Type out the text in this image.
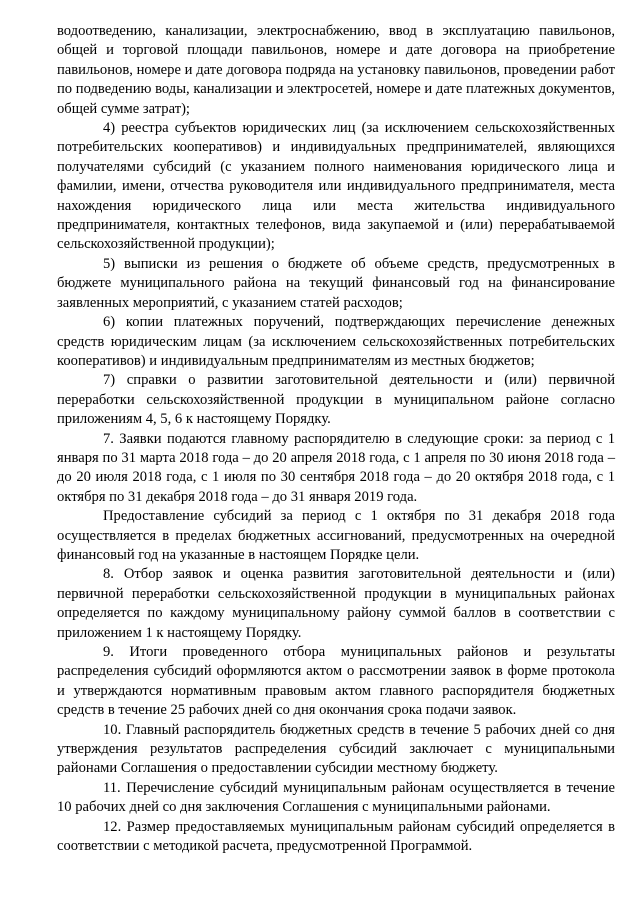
водоотведению, канализации, электроснабжению, ввод в эксплуатацию павильонов, общей и торговой площади павильонов, номере и дате договора на приобретение павильонов, номере и дате договора подряда на установку павильонов, проведении работ по подведению воды, канализации и электросетей, номере и дате платежных документов, общей сумме затрат);

4) реестра субъектов юридических лиц (за исключением сельскохозяйственных потребительских кооперативов) и индивидуальных предпринимателей, являющихся получателями субсидий (с указанием полного наименования юридического лица и фамилии, имени, отчества руководителя или индивидуального предпринимателя, места нахождения юридического лица или места жительства индивидуального предпринимателя, контактных телефонов, вида закупаемой и (или) перерабатываемой сельскохозяйственной продукции);

5) выписки из решения о бюджете об объеме средств, предусмотренных в бюджете муниципального района на текущий финансовый год на финансирование заявленных мероприятий, с указанием статей расходов;

6) копии платежных поручений, подтверждающих перечисление денежных средств юридическим лицам (за исключением сельскохозяйственных потребительских кооперативов) и индивидуальным предпринимателям из местных бюджетов;

7) справки о развитии заготовительной деятельности и (или) первичной переработки сельскохозяйственной продукции в муниципальном районе согласно приложениям 4, 5, 6 к настоящему Порядку.

7. Заявки подаются главному распорядителю в следующие сроки: за период с 1 января по 31 марта 2018 года – до 20 апреля 2018 года, с 1 апреля по 30 июня 2018 года – до 20 июля 2018 года, с 1 июля по 30 сентября 2018 года – до 20 октября 2018 года, с 1 октября по 31 декабря 2018 года – до 31 января 2019 года.

Предоставление субсидий за период с 1 октября по 31 декабря 2018 года осуществляется в пределах бюджетных ассигнований, предусмотренных на очередной финансовый год на указанные в настоящем Порядке цели.

8. Отбор заявок и оценка развития заготовительной деятельности и (или) первичной переработки сельскохозяйственной продукции в муниципальных районах определяется по каждому муниципальному району суммой баллов в соответствии с приложением 1 к настоящему Порядку.

9. Итоги проведенного отбора муниципальных районов и результаты распределения субсидий оформляются актом о рассмотрении заявок в форме протокола и утверждаются нормативным правовым актом главного распорядителя бюджетных средств в течение 25 рабочих дней со дня окончания срока подачи заявок.

10. Главный распорядитель бюджетных средств в течение 5 рабочих дней со дня утверждения результатов распределения субсидий заключает с муниципальными районами Соглашения о предоставлении субсидии местному бюджету.

11. Перечисление субсидий муниципальным районам осуществляется в течение 10 рабочих дней со дня заключения Соглашения с муниципальными районами.

12. Размер предоставляемых муниципальным районам субсидий определяется в соответствии с методикой расчета, предусмотренной Программой.
